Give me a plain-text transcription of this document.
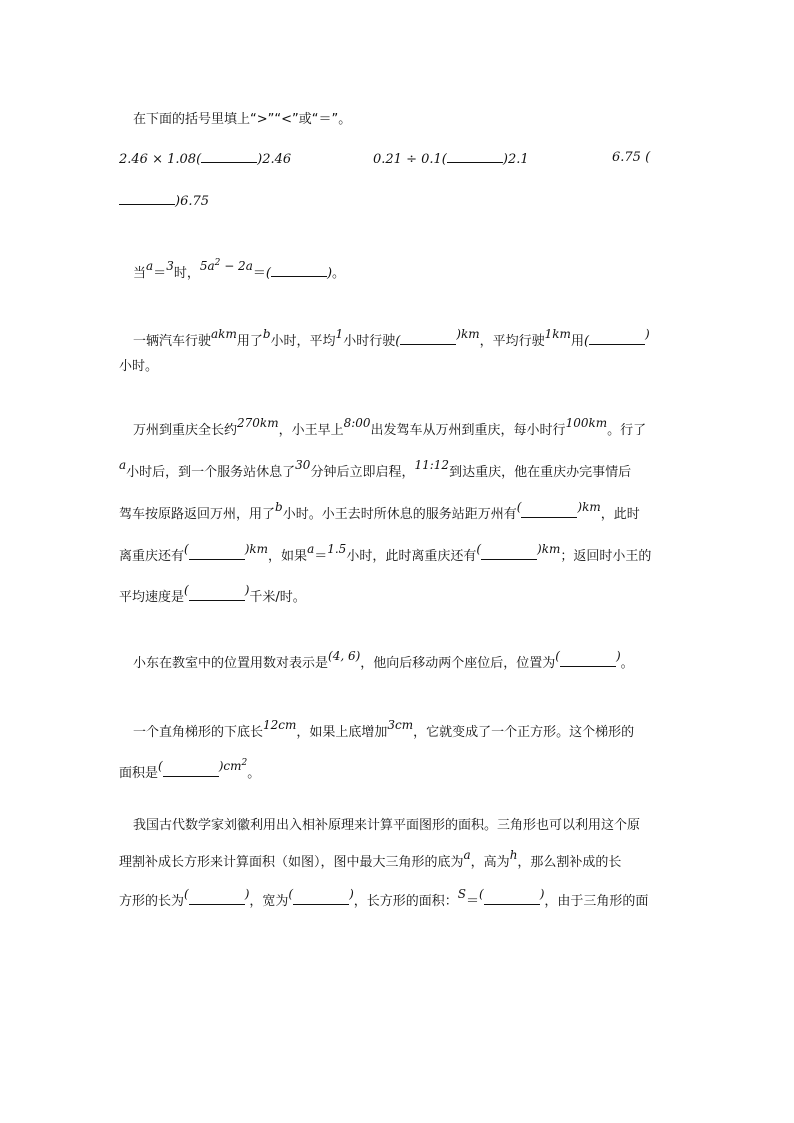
在下面的括号里填上“>”“<”或“＝”。
2.46 × 1.08(	)2.46	0.21 ÷ 0.1(	)2.1	6.75 (
)6.75
当a＝3时，$5a^2 - 2a=$(	)。
一辆汽车行驶akm用了b小时，平均1小时行驶(	)km，平均行驶1km用(	)
小时。
万州到重庆全长约270km，小王早上8:00出发驾车从万州到重庆，每小时行100km。行了
a小时后，到一个服务站休息了30分钟后立即启程，11:12到达重庆，他在重庆办完事情后
驾车按原路返回万州，用了b小时。小王去时所休息的服务站距万州有(	)km，此时
离重庆还有(	)km，如果a＝1.5小时，此时离重庆还有(	)km；返回时小王的
平均速度是(	)千米/时。
小东在教室中的位置用数对表示是(4, 6)，他向后移动两个座位后，位置为(	)。
一个直角梯形的下底长12cm，如果上底增加3cm，它就变成了一个正方形。这个梯形的
面积是(	)$cm^2$。
我国古代数学家刘徽利用出入相补原理来计算平面图形的面积。三角形也可以利用这个原
理割补成长方形来计算面积（如图），图中最大三角形的底为a，高为h，那么割补成的长
方形的长为(	)，宽为(	)，长方形的面积：S＝(	)，由于三角形的面
